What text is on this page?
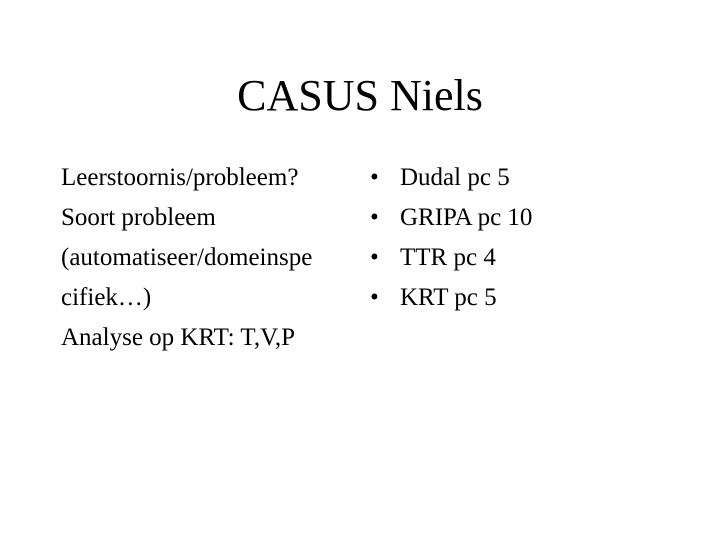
CASUS Niels
Leerstoornis/probleem?
Soort probleem
(automatiseer/domeinspe
cifiek…)
Analyse op KRT: T,V,P
• Dudal pc 5
• GRIPA pc 10
• TTR pc 4
• KRT pc 5
